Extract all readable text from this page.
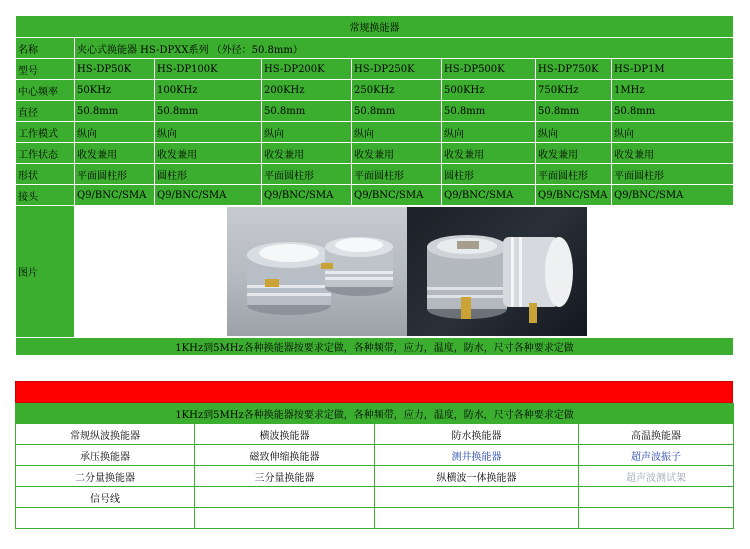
常规换能器							
名称	夹心式换能器 HS-DPXX系列 （外径：50.8mm）						
型号	HS-DP50K	HS-DP100K	HS-DP200K	HS-DP250K	HS-DP500K	HS-DP750K	HS-DP1M
中心频率	50KHz	100KHz	200KHz	250KHz	500KHz	750KHz	1MHz
直径	50.8mm	50.8mm	50.8mm	50.8mm	50.8mm	50.8mm	50.8mm
工作模式	纵向	纵向	纵向	纵向	纵向	纵向	纵向
工作状态	收发兼用	收发兼用	收发兼用	收发兼用	收发兼用	收发兼用	收发兼用
形状	平面圆柱形	圆柱形	平面圆柱形	平面圆柱形	圆柱形	平面圆柱形	平面圆柱形
接头	Q9/BNC/SMA	Q9/BNC/SMA	Q9/BNC/SMA	Q9/BNC/SMA	Q9/BNC/SMA	Q9/BNC/SMA	Q9/BNC/SMA
图片	

1KHz到5MHz各种换能器按要求定做，各种频带，应力，温度，防水，尺寸各种要求定做							
1KHz到5MHz各种换能器按要求定做，各种频带，应力，温度，防水，尺寸各种要求定做			
常规纵波换能器	横波换能器	防水换能器	高温换能器
承压换能器	磁致伸缩换能器	测井换能器	超声波振子
二分量换能器	三分量换能器	纵横波一体换能器	超声波测试架
信号线			
